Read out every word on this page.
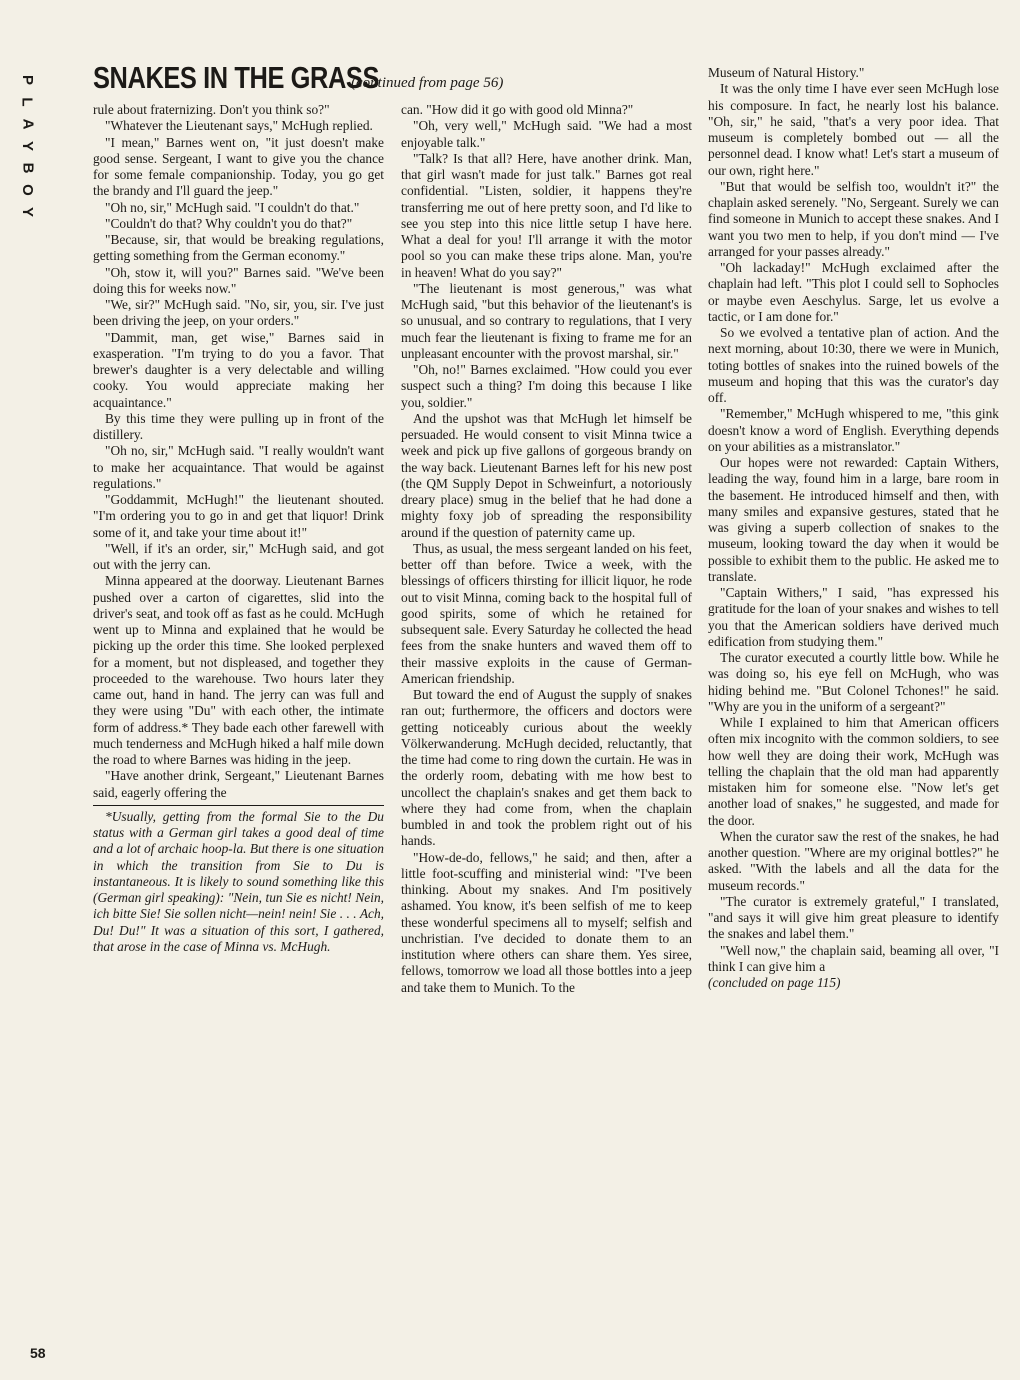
P
L
A
Y
B
O
Y
SNAKES IN THE GRASS
(continued from page 56)

rule about fraternizing. Don't you think so?"

"Whatever the Lieutenant says," McHugh replied.

"I mean," Barnes went on, "it just doesn't make good sense. Sergeant, I want to give you the chance for some female companionship. Today, you go get the brandy and I'll guard the jeep."

"Oh no, sir," McHugh said. "I couldn't do that."

"Couldn't do that? Why couldn't you do that?"

"Because, sir, that would be breaking regulations, getting something from the German economy."

"Oh, stow it, will you?" Barnes said. "We've been doing this for weeks now."

"We, sir?" McHugh said. "No, sir, you, sir. I've just been driving the jeep, on your orders."

"Dammit, man, get wise," Barnes said in exasperation. "I'm trying to do you a favor. That brewer's daughter is a very delectable and willing cooky. You would appreciate making her acquaintance."

By this time they were pulling up in front of the distillery.

"Oh no, sir," McHugh said. "I really wouldn't want to make her acquaintance. That would be against regulations."

"Goddammit, McHugh!" the lieutenant shouted. "I'm ordering you to go in and get that liquor! Drink some of it, and take your time about it!"

"Well, if it's an order, sir," McHugh said, and got out with the jerry can.

Minna appeared at the doorway. Lieutenant Barnes pushed over a carton of cigarettes, slid into the driver's seat, and took off as fast as he could. McHugh went up to Minna and explained that he would be picking up the order this time. She looked perplexed for a moment, but not displeased, and together they proceeded to the warehouse. Two hours later they came out, hand in hand. The jerry can was full and they were using "Du" with each other, the intimate form of address.* They bade each other farewell with much tenderness and McHugh hiked a half mile down the road to where Barnes was hiding in the jeep.

"Have another drink, Sergeant," Lieutenant Barnes said, eagerly offering the

*Usually, getting from the formal Sie to the Du status with a German girl takes a good deal of time and a lot of archaic hoop-la. But there is one situation in which the transition from Sie to Du is instantaneous. It is likely to sound something like this (German girl speaking): "Nein, tun Sie es nicht! Nein, ich bitte Sie! Sie sollen nicht—nein! nein! Sie . . . Ach, Du! Du!" It was a situation of this sort, I gathered, that arose in the case of Minna vs. McHugh.

can. "How did it go with good old Minna?"

"Oh, very well," McHugh said. "We had a most enjoyable talk."

"Talk? Is that all? Here, have another drink. Man, that girl wasn't made for just talk." Barnes got real confidential. "Listen, soldier, it happens they're transferring me out of here pretty soon, and I'd like to see you step into this nice little setup I have here. What a deal for you! I'll arrange it with the motor pool so you can make these trips alone. Man, you're in heaven! What do you say?"

"The lieutenant is most generous," was what McHugh said, "but this behavior of the lieutenant's is so unusual, and so contrary to regulations, that I very much fear the lieutenant is fixing to frame me for an unpleasant encounter with the provost marshal, sir."

"Oh, no!" Barnes exclaimed. "How could you ever suspect such a thing? I'm doing this because I like you, soldier."

And the upshot was that McHugh let himself be persuaded. He would consent to visit Minna twice a week and pick up five gallons of gorgeous brandy on the way back. Lieutenant Barnes left for his new post (the QM Supply Depot in Schweinfurt, a notoriously dreary place) smug in the belief that he had done a mighty foxy job of spreading the responsibility around if the question of paternity came up.

Thus, as usual, the mess sergeant landed on his feet, better off than before. Twice a week, with the blessings of officers thirsting for illicit liquor, he rode out to visit Minna, coming back to the hospital full of good spirits, some of which he retained for subsequent sale. Every Saturday he collected the head fees from the snake hunters and waved them off to their massive exploits in the cause of German-American friendship.

But toward the end of August the supply of snakes ran out; furthermore, the officers and doctors were getting noticeably curious about the weekly Völkerwanderung. McHugh decided, reluctantly, that the time had come to ring down the curtain. He was in the orderly room, debating with me how best to uncollect the chaplain's snakes and get them back to where they had come from, when the chaplain bumbled in and took the problem right out of his hands.

"How-de-do, fellows," he said; and then, after a little foot-scuffing and ministerial wind: "I've been thinking. About my snakes. And I'm positively ashamed. You know, it's been selfish of me to keep these wonderful specimens all to myself; selfish and unchristian. I've decided to donate them to an institution where others can share them. Yes siree, fellows, tomorrow we load all those bottles into a jeep and take them to Munich. To the

Museum of Natural History."

It was the only time I have ever seen McHugh lose his composure. In fact, he nearly lost his balance. "Oh, sir," he said, "that's a very poor idea. That museum is completely bombed out — all the personnel dead. I know what! Let's start a museum of our own, right here."

"But that would be selfish too, wouldn't it?" the chaplain asked serenely. "No, Sergeant. Surely we can find someone in Munich to accept these snakes. And I want you two men to help, if you don't mind — I've arranged for your passes already."

"Oh lackaday!" McHugh exclaimed after the chaplain had left. "This plot I could sell to Sophocles or maybe even Aeschylus. Sarge, let us evolve a tactic, or I am done for."

So we evolved a tentative plan of action. And the next morning, about 10:30, there we were in Munich, toting bottles of snakes into the ruined bowels of the museum and hoping that this was the curator's day off.

"Remember," McHugh whispered to me, "this gink doesn't know a word of English. Everything depends on your abilities as a mistranslator."

Our hopes were not rewarded: Captain Withers, leading the way, found him in a large, bare room in the basement. He introduced himself and then, with many smiles and expansive gestures, stated that he was giving a superb collection of snakes to the museum, looking toward the day when it would be possible to exhibit them to the public. He asked me to translate.

"Captain Withers," I said, "has expressed his gratitude for the loan of your snakes and wishes to tell you that the American soldiers have derived much edification from studying them."

The curator executed a courtly little bow. While he was doing so, his eye fell on McHugh, who was hiding behind me. "But Colonel Tchones!" he said. "Why are you in the uniform of a sergeant?"

While I explained to him that American officers often mix incognito with the common soldiers, to see how well they are doing their work, McHugh was telling the chaplain that the old man had apparently mistaken him for someone else. "Now let's get another load of snakes," he suggested, and made for the door.

When the curator saw the rest of the snakes, he had another question. "Where are my original bottles?" he asked. "With the labels and all the data for the museum records."

"The curator is extremely grateful," I translated, "and says it will give him great pleasure to identify the snakes and label them."

"Well now," the chaplain said, beaming all over, "I think I can give him a

(concluded on page 115)

58
